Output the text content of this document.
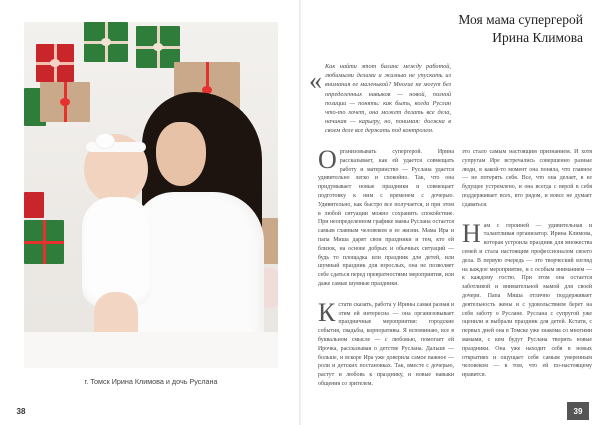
г. Томск Ирина Климова и дочь Руслана
38
Моя мама супергерой
Ирина Климова
« Как найти этот баланс между работой, любимыми делами и жизнью не упускать из внимания ее маленькой? Многие не могут без определенных навыков — новой, полной позиции — понять: как быть, когда Руслан что-то хочет, она может делать все дела, начиная — карьеру, но, понимая: должна в своем деле все держать под контролем.
О рганизовывать супергерой. Ирина рассказывает, как ей удается совмещать работу и материнство — Руслана удается удивительно легко и спокойно. Так, что она придумывает новые праздники и совмещает подготовку к ним с временем с дочерью. Удивительно, как быстро все получается, и при этом в любой ситуации можно сохранить спокойствие. При неопределенном графике мамы Руслана остается самым главным человеком в ее жизни. Мама Ира и папа Миша дарят свои праздники и тем, кто ей близок, на основе добрых и обычных ситуаций — будь то площадка или праздник для детей, или шумный праздник для взрослых, она не позволяет себе сдаться перед превратностями мероприятия, или даже самые шумные праздники.
К стати сказать, работа у Ирины самая разная и этим ей интересна — она организовывает праздничные мероприятия: городские события, свадьбы, корпоративы. Я вспоминаю, все в буквальном смысле — с любовью, помогает ей Ирочка, рассказывая о детстве Руслана. Дальше — больше, и вскоре Ира уже доверила самое важное — роли и детских постановках. Так, вместе с дочерью, растут и любовь к празднику, и новые навыки общения со зрителем.
это стало самым настоящим признанием. И хотя супругам Ире встречались совершенно разные люди, в какой-то момент она поняла, что главное — не потерять себя. Все, что она делает, в ее будущее устремлено, и она всегда с верой в себя поддерживает всех, кто рядом, и вовсе не думает сдаваться.
Н ам с героиней — удивительная и талантливая организатор. Ирина Климова, которая устроила праздник для множества семей и стала настоящим профессионалом своего дела. В первую очередь — это творческий взгляд на каждое мероприятие, и с особым вниманием — к каждому гостю. При этом она остается заботливой и внимательной мамой для своей дочери. Папа Миша отлично поддерживает деятельность жены и с удовольствием берет на себя заботу о Руслане. Руслана с супругой уже оценили и выбрали праздник для детей. Кстати, с первых дней она в Томске уже знакома со многими мамами, с кем будут Руслана творить новые праздники. Она уже находит себя в новых открытиях и ощущает себя самым уверенным человеком — в том, что ей по-настоящему нравится.
39
